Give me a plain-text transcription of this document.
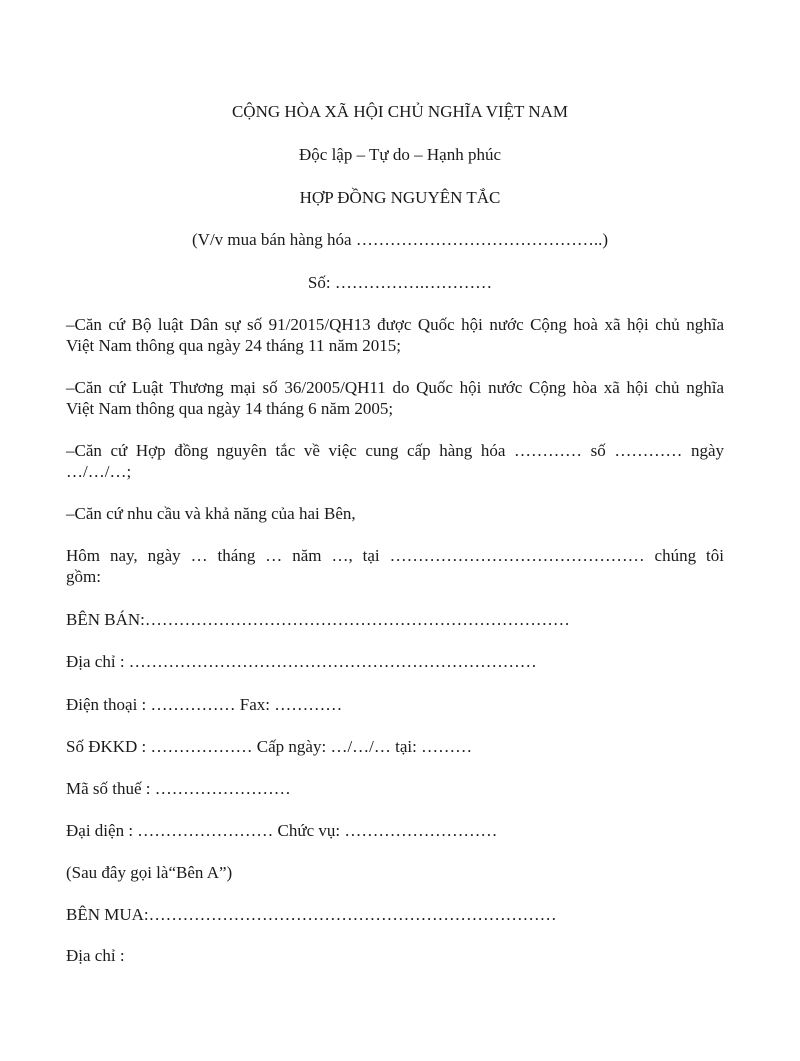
CỘNG HÒA XÃ HỘI CHỦ NGHĨA VIỆT NAM
Độc lập – Tự do – Hạnh phúc
HỢP ĐỒNG NGUYÊN TẮC
(V/v mua bán hàng hóa ……………………………………..)
Số: …………….…………
–Căn cứ Bộ luật Dân sự số 91/2015/QH13 được Quốc hội nước Cộng hoà xã hội chủ nghĩa
Việt Nam thông qua ngày 24 tháng 11 năm 2015;
–Căn cứ Luật Thương mại số 36/2005/QH11 do Quốc hội nước Cộng hòa xã hội chủ nghĩa
Việt Nam thông qua ngày 14 tháng 6 năm 2005;
–Căn cứ Hợp đồng nguyên tắc về việc cung cấp hàng hóa ………… số ………… ngày
…/…/…;
–Căn cứ nhu cầu và khả năng của hai Bên,
Hôm nay, ngày … tháng … năm …, tại ……………………………………… chúng tôi
gồm:
BÊN BÁN:…………………………………………………………………
Địa chỉ : ………………………………………………………………
Điện thoại : …………… Fax: …………
Số ĐKKD : ……………… Cấp ngày: …/…/… tại: ………
Mã số thuế : ……………………
Đại diện : …………………… Chức vụ: ………………………
(Sau đây gọi là“Bên A”)
BÊN MUA:………………………………………………………………
Địa chỉ :
